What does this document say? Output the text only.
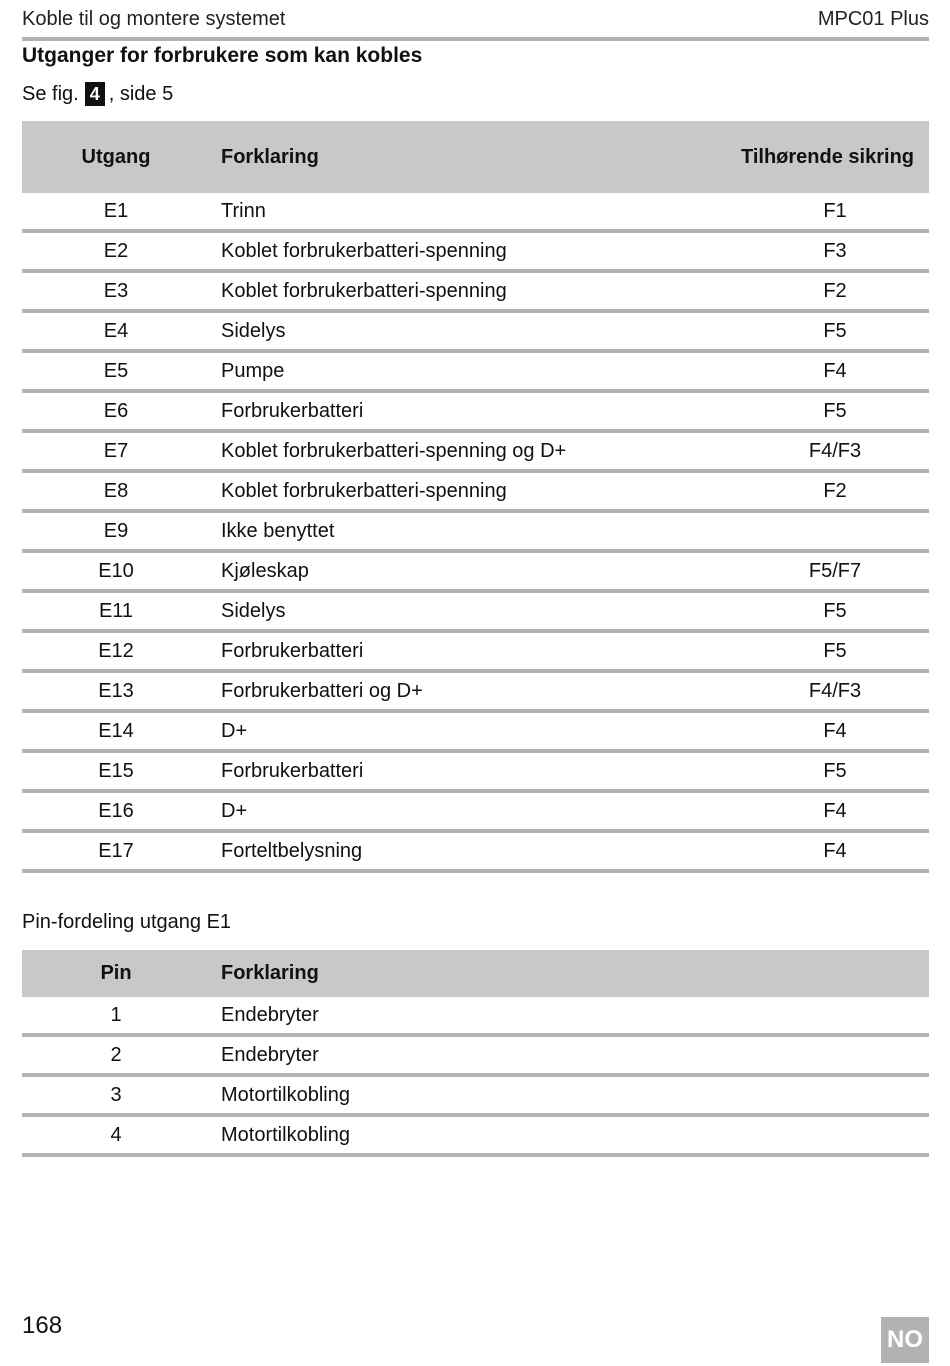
Koble til og montere systemet	MPC01 Plus
Utganger for forbrukere som kan kobles
Se fig. 4 , side 5
Utgang	Forklaring	Tilhørende sikring

E1	Trinn	F1

E2	Koblet forbrukerbatteri-spenning	F3

E3	Koblet forbrukerbatteri-spenning	F2

E4	Sidelys	F5

E5	Pumpe	F4

E6	Forbrukerbatteri	F5

E7	Koblet forbrukerbatteri-spenning og D+	F4/F3

E8	Koblet forbrukerbatteri-spenning	F2

E9	Ikke benyttet	

E10	Kjøleskap	F5/F7

E11	Sidelys	F5

E12	Forbrukerbatteri	F5

E13	Forbrukerbatteri og D+	F4/F3

E14	D+	F4

E15	Forbrukerbatteri	F5

E16	D+	F4

E17	Forteltbelysning	F4
Pin-fordeling utgang E1
Pin	Forklaring

1	Endebryter

2	Endebryter

3	Motortilkobling

4	Motortilkobling
168
NO
